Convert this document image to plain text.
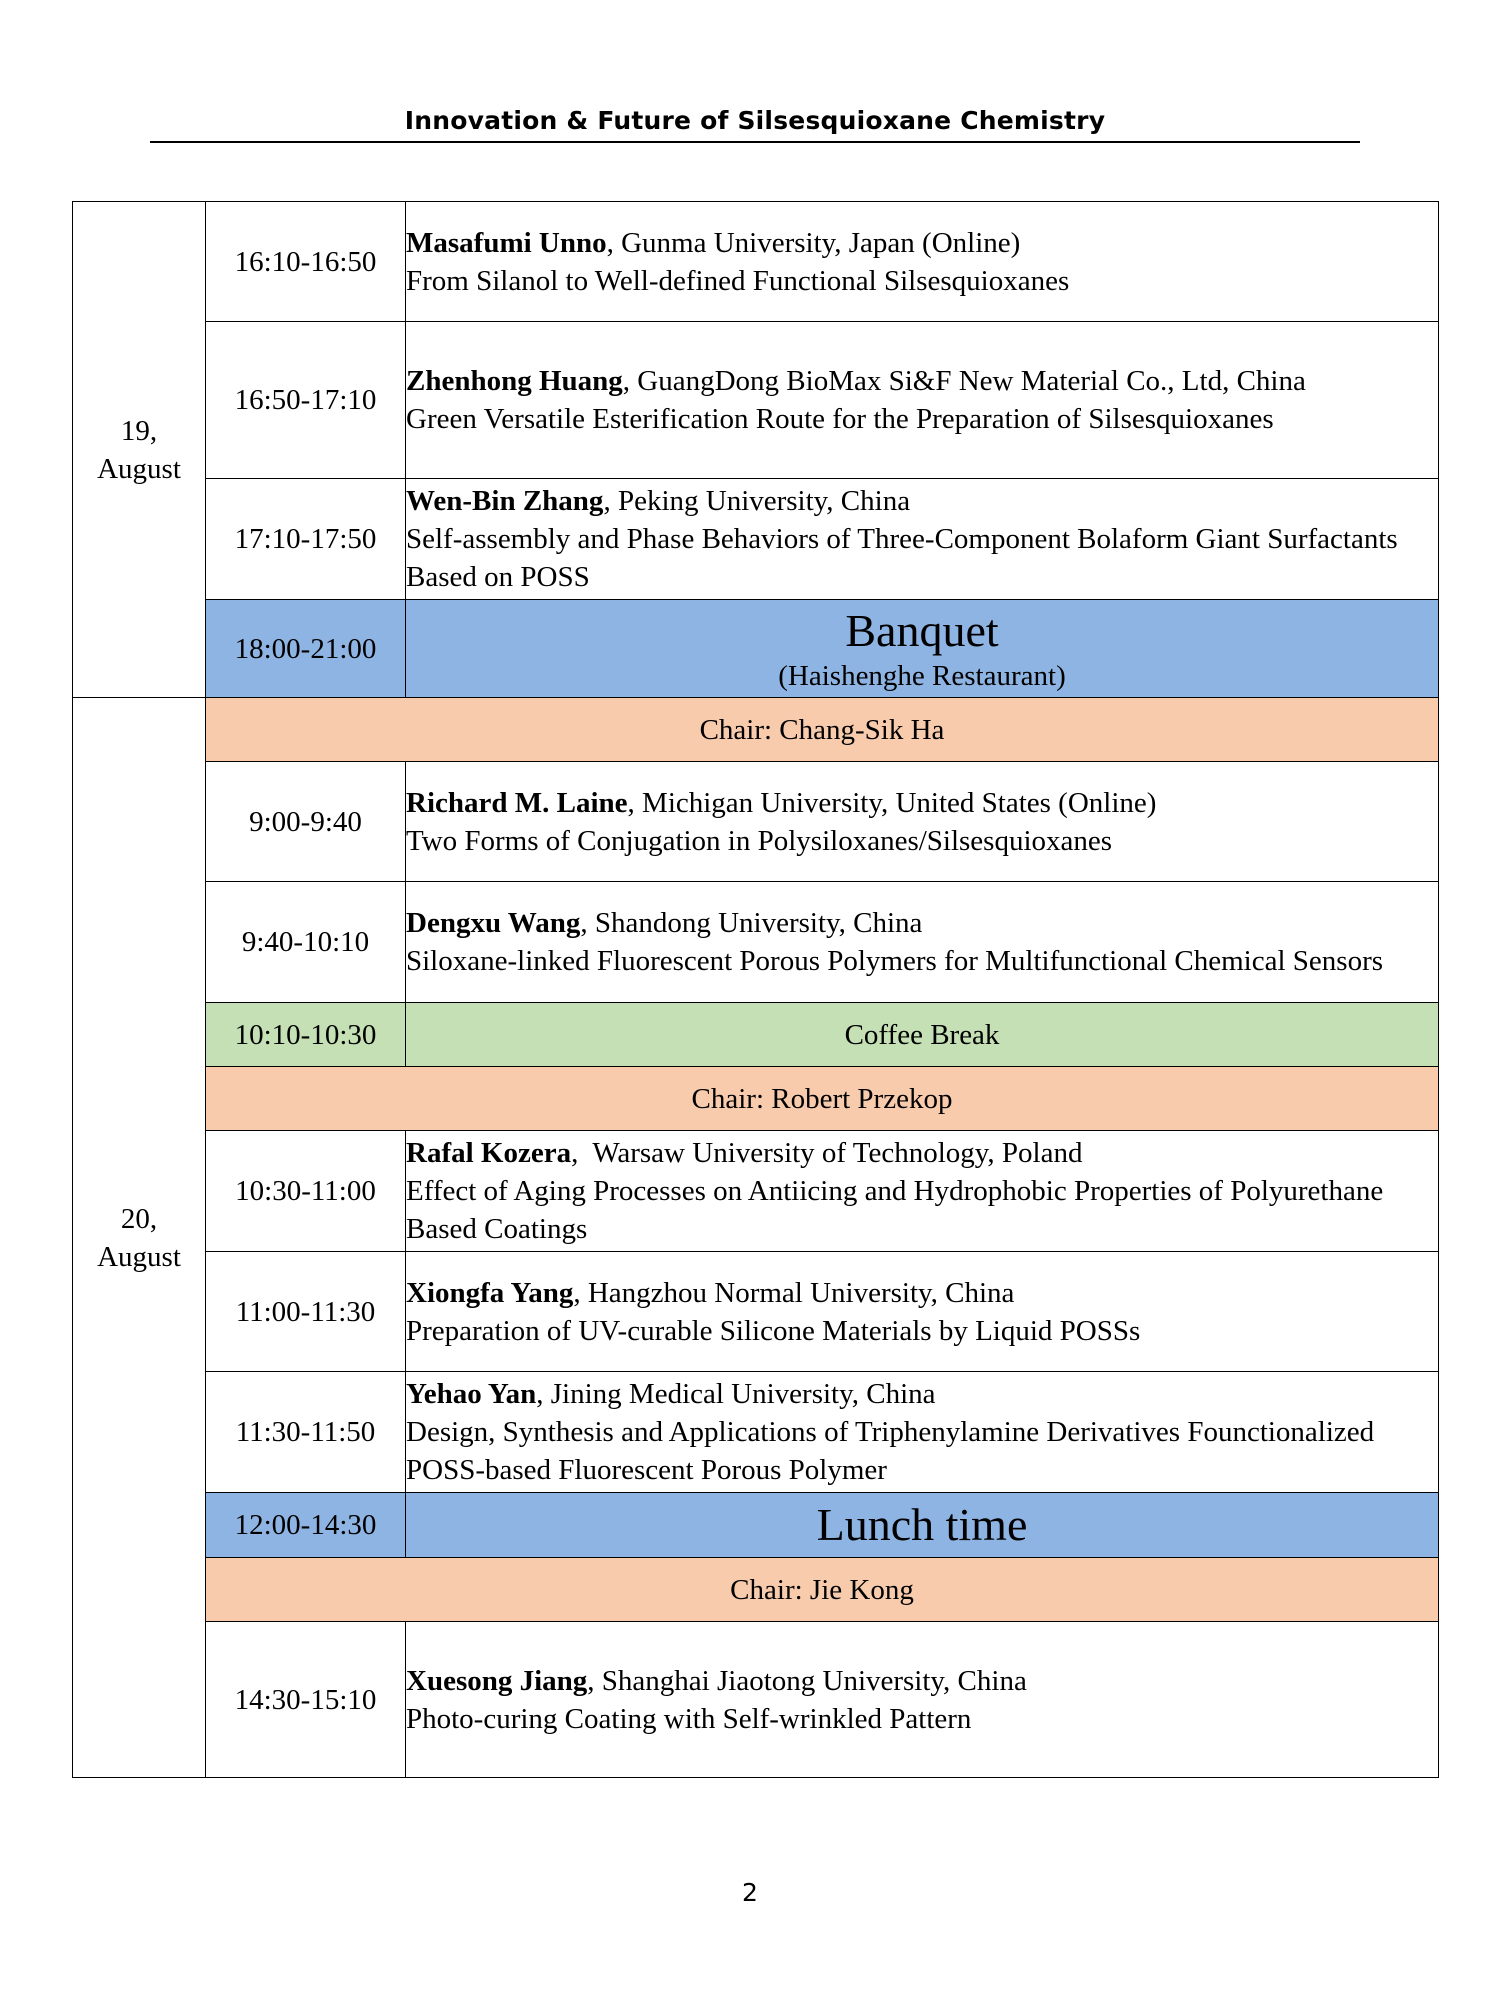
Innovation & Future of Silsesquioxane Chemistry
19,
August	16:10-16:50	Masafumi Unno, Gunma University, Japan (Online)
From Silanol to Well-defined Functional Silsesquioxanes
	16:50-17:10	Zhenhong Huang, GuangDong BioMax Si&F New Material Co., Ltd, China
Green Versatile Esterification Route for the Preparation of Silsesquioxanes
	17:10-17:50	Wen-Bin Zhang, Peking University, China
Self-assembly and Phase Behaviors of Three-Component Bolaform Giant Surfactants Based on POSS
	18:00-21:00	Banquet
(Haishenghe Restaurant)

20,
August	Chair: Chang-Sik Ha	
	9:00-9:40	Richard M. Laine, Michigan University, United States (Online)
Two Forms of Conjugation in Polysiloxanes/Silsesquioxanes
	9:40-10:10	Dengxu Wang, Shandong University, China
Siloxane-linked Fluorescent Porous Polymers for Multifunctional Chemical Sensors
	10:10-10:30	Coffee Break
	Chair: Robert Przekop	
	10:30-11:00	Rafal Kozera,  Warsaw University of Technology, Poland
Effect of Aging Processes on Antiicing and Hydrophobic Properties of Polyurethane Based Coatings
	11:00-11:30	Xiongfa Yang, Hangzhou Normal University, China
Preparation of UV-curable Silicone Materials by Liquid POSSs
	11:30-11:50	Yehao Yan, Jining Medical University, China
Design, Synthesis and Applications of Triphenylamine Derivatives Founctionalized POSS-based Fluorescent Porous Polymer
	12:00-14:30	Lunch time

	Chair: Jie Kong	
	14:30-15:10	Xuesong Jiang, Shanghai Jiaotong University, China
Photo-curing Coating with Self-wrinkled Pattern
2
